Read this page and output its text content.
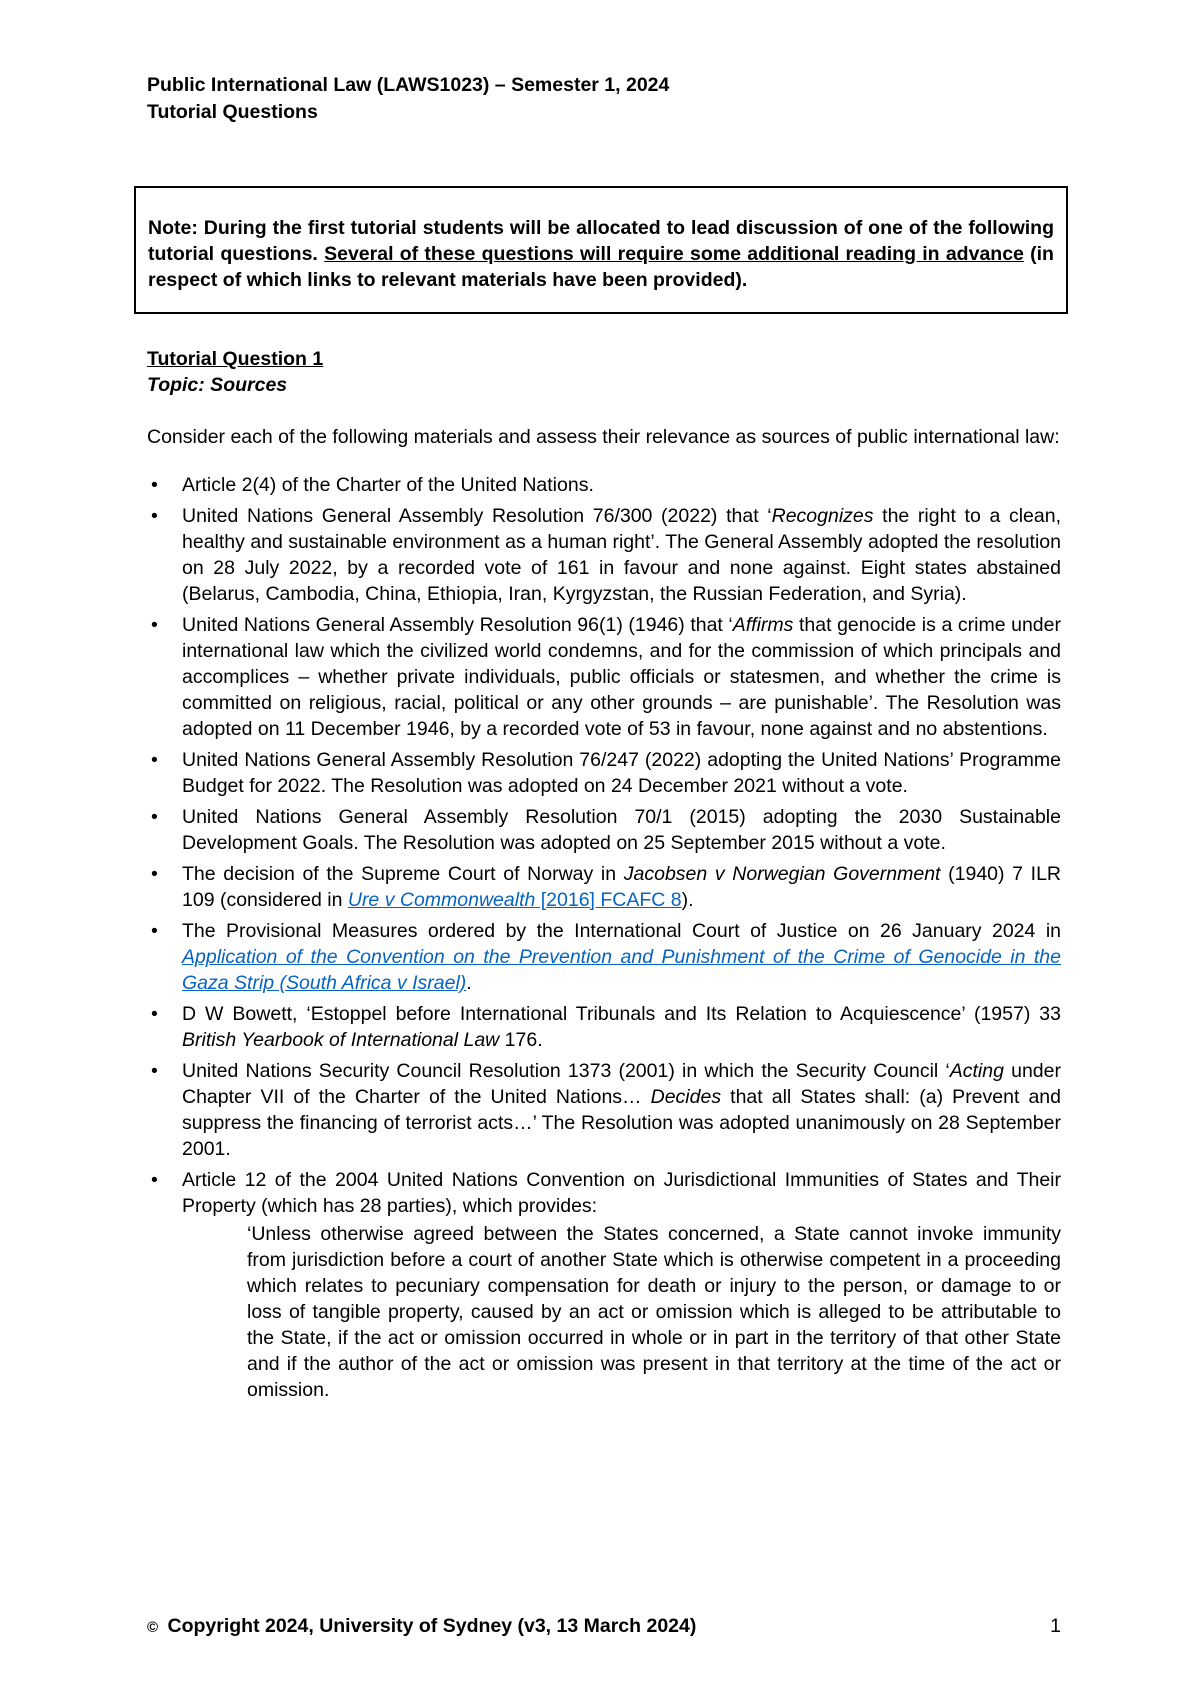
Public International Law (LAWS1023) – Semester 1, 2024
Tutorial Questions
Note: During the first tutorial students will be allocated to lead discussion of one of the following tutorial questions. Several of these questions will require some additional reading in advance (in respect of which links to relevant materials have been provided).

Tutorial Question 1

Topic: Sources

Consider each of the following materials and assess their relevance as sources of public international law:

• Article 2(4) of the Charter of the United Nations.
• United Nations General Assembly Resolution 76/300 (2022) that ‘Recognizes the right to a clean, healthy and sustainable environment as a human right’. The General Assembly adopted the resolution on 28 July 2022, by a recorded vote of 161 in favour and none against. Eight states abstained (Belarus, Cambodia, China, Ethiopia, Iran, Kyrgyzstan, the Russian Federation, and Syria).
• United Nations General Assembly Resolution 96(1) (1946) that ‘Affirms that genocide is a crime under international law which the civilized world condemns, and for the commission of which principals and accomplices – whether private individuals, public officials or statesmen, and whether the crime is committed on religious, racial, political or any other grounds – are punishable’. The Resolution was adopted on 11 December 1946, by a recorded vote of 53 in favour, none against and no abstentions.
• United Nations General Assembly Resolution 76/247 (2022) adopting the United Nations’ Programme Budget for 2022. The Resolution was adopted on 24 December 2021 without a vote.
• United Nations General Assembly Resolution 70/1 (2015) adopting the 2030 Sustainable Development Goals. The Resolution was adopted on 25 September 2015 without a vote.
• The decision of the Supreme Court of Norway in Jacobsen v Norwegian Government (1940) 7 ILR 109 (considered in Ure v Commonwealth [2016] FCAFC 8).
• The Provisional Measures ordered by the International Court of Justice on 26 January 2024 in Application of the Convention on the Prevention and Punishment of the Crime of Genocide in the Gaza Strip (South Africa v Israel).
• D W Bowett, ‘Estoppel before International Tribunals and Its Relation to Acquiescence’ (1957) 33 British Yearbook of International Law 176.
• United Nations Security Council Resolution 1373 (2001) in which the Security Council ‘Acting under Chapter VII of the Charter of the United Nations… Decides that all States shall: (a) Prevent and suppress the financing of terrorist acts…’ The Resolution was adopted unanimously on 28 September 2001.
• Article 12 of the 2004 United Nations Convention on Jurisdictional Immunities of States and Their Property (which has 28 parties), which provides:
‘Unless otherwise agreed between the States concerned, a State cannot invoke immunity from jurisdiction before a court of another State which is otherwise competent in a proceeding which relates to pecuniary compensation for death or injury to the person, or damage to or loss of tangible property, caused by an act or omission which is alleged to be attributable to the State, if the act or omission occurred in whole or in part in the territory of that other State and if the author of the act or omission was present in that territory at the time of the act or omission.
© Copyright 2024, University of Sydney (v3, 13 March 2024)	1
